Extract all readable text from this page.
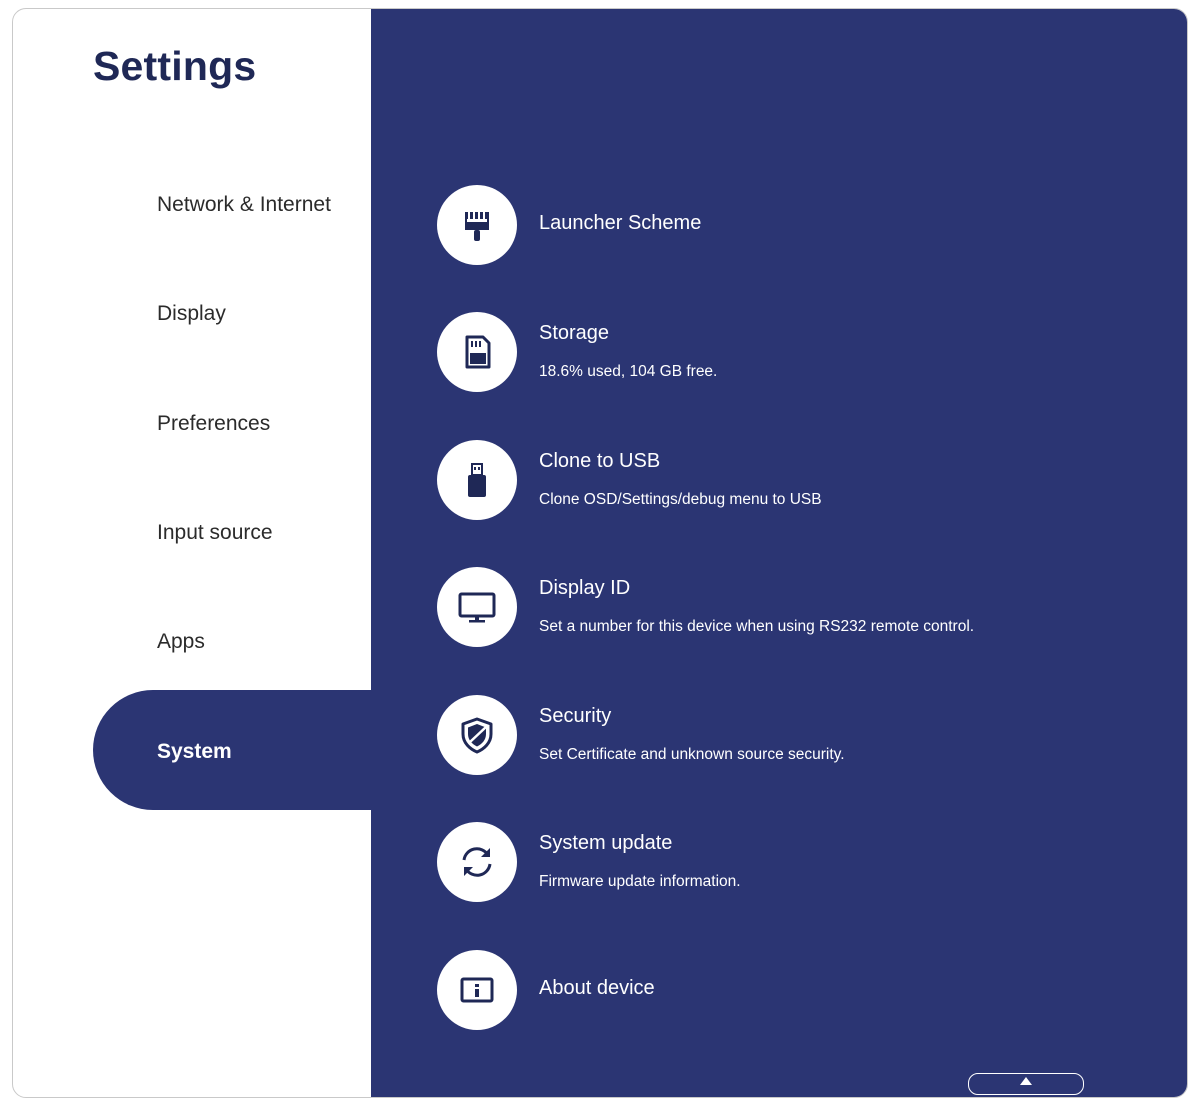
Settings
Network & Internet
Display
Preferences
Input source
Apps
System
Launcher Scheme
Storage
18.6% used, 104 GB free.
Clone to USB
Clone OSD/Settings/debug menu to USB
Display ID
Set a number for this device when using RS232 remote control.
Security
Set Certificate and unknown source security.
System update
Firmware update information.
About device
